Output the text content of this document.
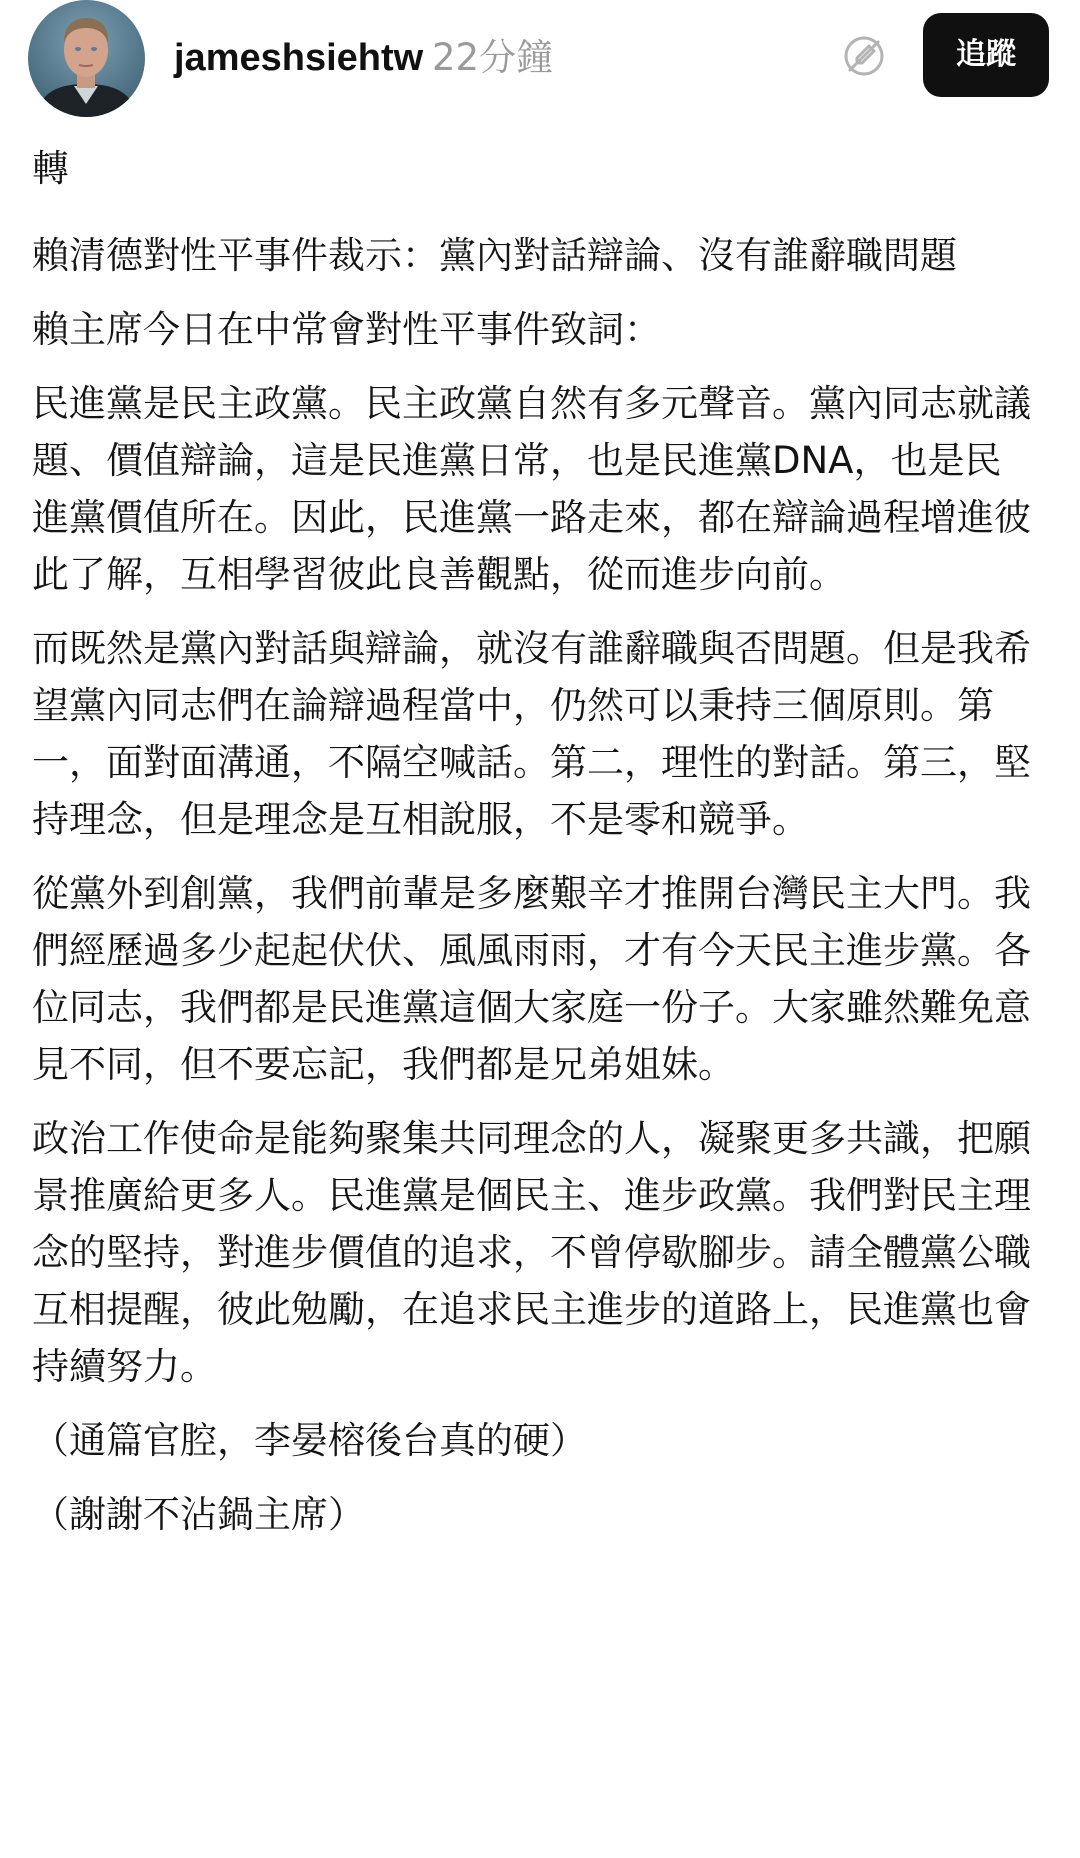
jameshsiehtw 22分鐘	追蹤

轉

賴清德對性平事件裁示：黨內對話辯論、沒有誰辭職問題

賴主席今日在中常會對性平事件致詞：

民進黨是民主政黨。民主政黨自然有多元聲音。黨內同志就議題、價值辯論，這是民進黨日常，也是民進黨DNA，也是民進黨價值所在。因此，民進黨一路走來，都在辯論過程增進彼此了解，互相學習彼此良善觀點，從而進步向前。

而既然是黨內對話與辯論，就沒有誰辭職與否問題。但是我希望黨內同志們在論辯過程當中，仍然可以秉持三個原則。第一，面對面溝通，不隔空喊話。第二，理性的對話。第三，堅持理念，但是理念是互相說服，不是零和競爭。

從黨外到創黨，我們前輩是多麼艱辛才推開台灣民主大門。我們經歷過多少起起伏伏、風風雨雨，才有今天民主進步黨。各位同志，我們都是民進黨這個大家庭一份子。大家雖然難免意見不同，但不要忘記，我們都是兄弟姐妹。

政治工作使命是能夠聚集共同理念的人，凝聚更多共識，把願景推廣給更多人。民進黨是個民主、進步政黨。我們對民主理念的堅持，對進步價值的追求，不曾停歇腳步。請全體黨公職互相提醒，彼此勉勵，在追求民主進步的道路上，民進黨也會持續努力。

（通篇官腔，李晏榕後台真的硬）

（謝謝不沾鍋主席）
